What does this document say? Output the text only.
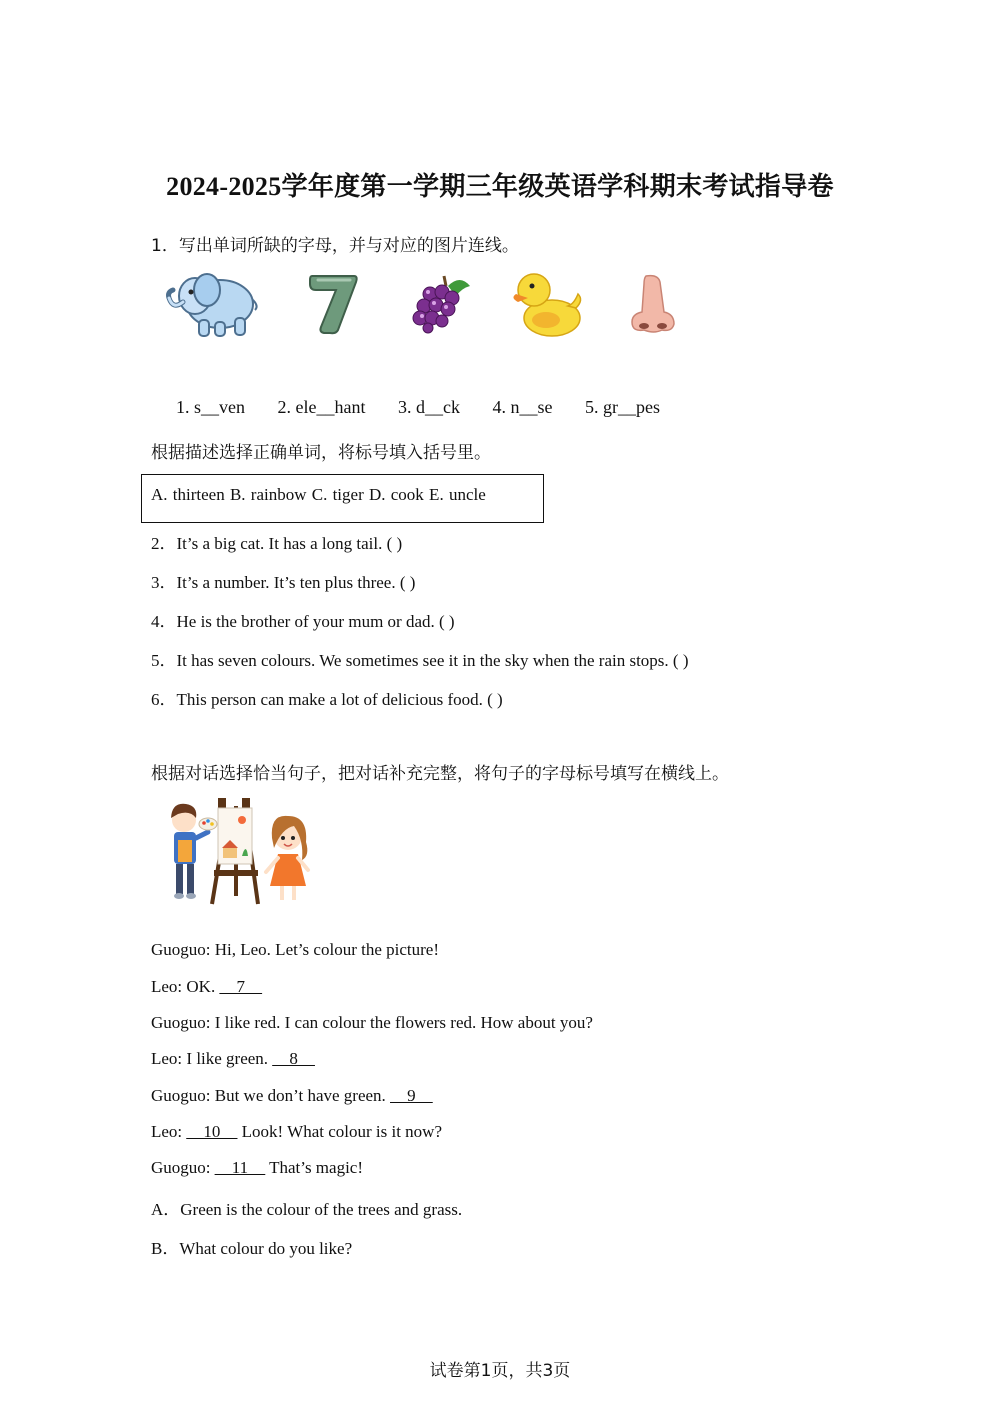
2024-2025学年度第一学期三年级英语学科期末考试指导卷
1．写出单词所缺的字母，并与对应的图片连线。
1. s__ven 2. ele__hant 3. d__ck 4. n__se 5. gr__pes
根据描述选择正确单词，将标号填入括号里。
A. thirteen B. rainbow C. tiger D. cook E. uncle
2．It’s a big cat. It has a long tail. ( )
3．It’s a number. It’s ten plus three. ( )
4．He is the brother of your mum or dad. ( )
5．It has seven colours. We sometimes see it in the sky when the rain stops. ( )
6．This person can make a lot of delicious food. ( )
根据对话选择恰当句子，把对话补充完整，将句子的字母标号填写在横线上。
Guoguo: Hi, Leo. Let’s colour the picture!
Leo: OK. __7__
Guoguo: I like red. I can colour the flowers red. How about you?
Leo: I like green. __8__
Guoguo: But we don’t have green. __9__
Leo: __10__ Look! What colour is it now?
Guoguo: __11__ That’s magic!
A．Green is the colour of the trees and grass.
B．What colour do you like?
试卷第1页，共3页
